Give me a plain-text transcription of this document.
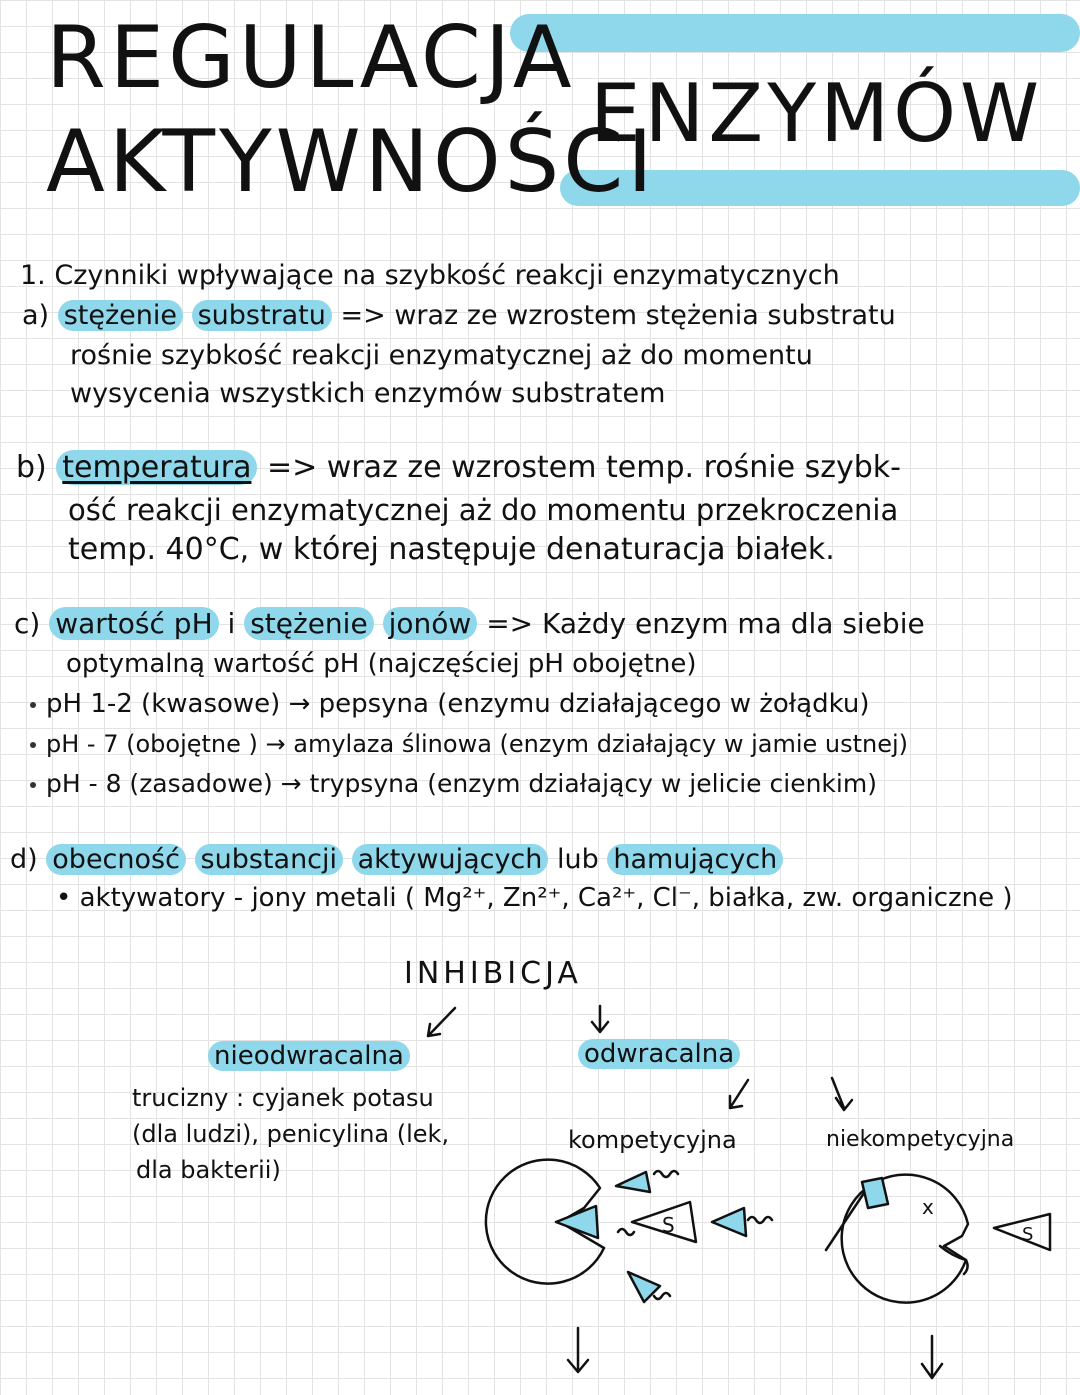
REGULACJA
AKTYWNOŚCI
ENZYMÓW
1. Czynniki wpływające na szybkość reakcji enzymatycznych
a) stężenie substratu => wraz ze wzrostem stężenia substratu
rośnie szybkość reakcji enzymatycznej aż do momentu
wysycenia wszystkich enzymów substratem
b) temperatura => wraz ze wzrostem temp. rośnie szybk-
ość reakcji enzymatycznej aż do momentu przekroczenia
temp. 40°C, w której następuje denaturacja białek.
c) wartość pH i stężenie jonów => Każdy enzym ma dla siebie
optymalną wartość pH (najczęściej pH obojętne)
pH 1-2 (kwasowe) → pepsyna (enzymu działającego w żołądku)
pH - 7 (obojętne ) → amylaza ślinowa (enzym działający w jamie ustnej)
pH - 8 (zasadowe) → trypsyna (enzym działający w jelicie cienkim)
d) obecność substancji aktywujących lub hamujących
• aktywatory - jony metali ( Mg²⁺, Zn²⁺, Ca²⁺, Cl⁻, białka, zw. organiczne )
INHIBICJA
nieodwracalna	odwracalna
trucizny : cyjanek potasu
(dla ludzi), penicylina (lek,
dla bakterii)
kompetycyjna	niekompetycyjna
S	S
x
